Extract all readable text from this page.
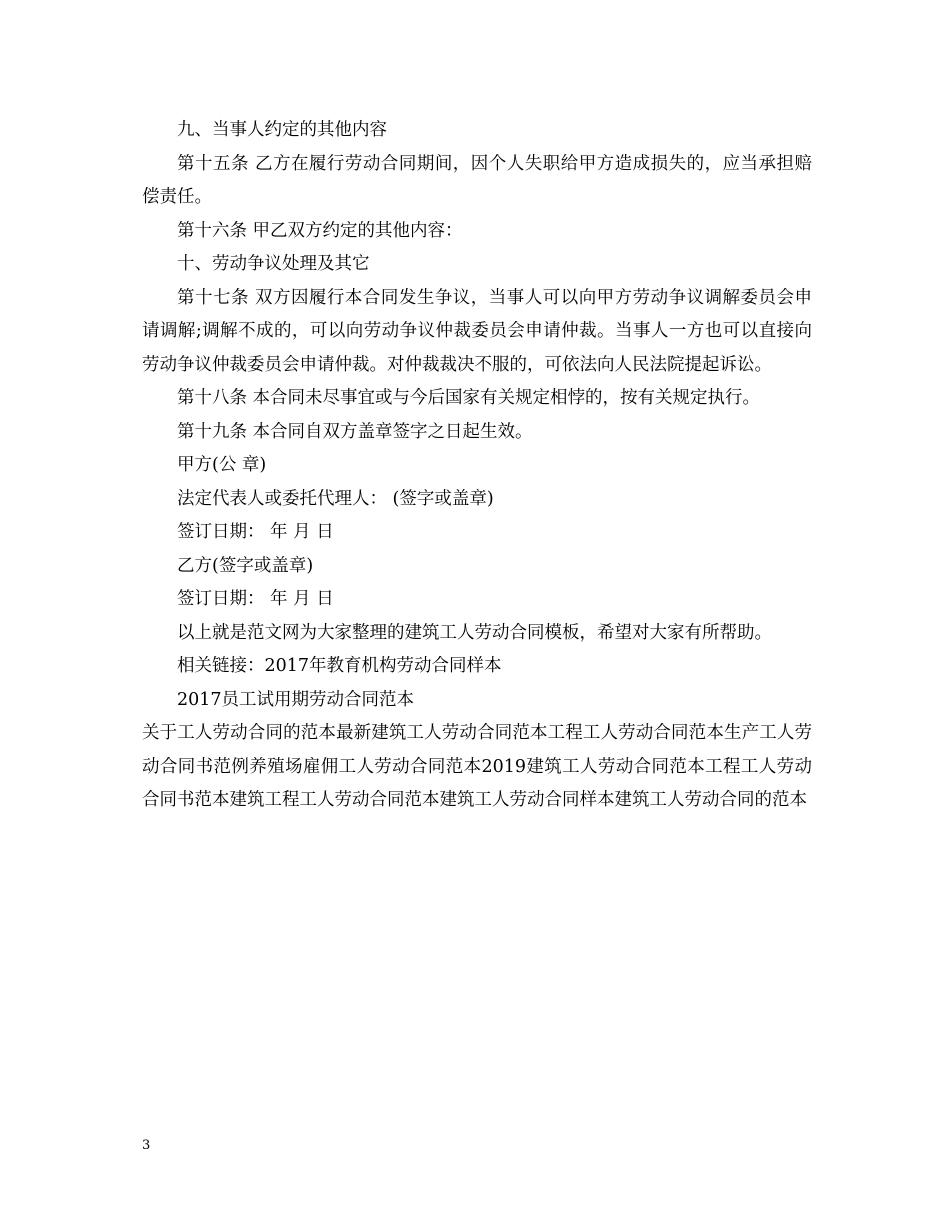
九、当事人约定的其他内容

第十五条 乙方在履行劳动合同期间，因个人失职给甲方造成损失的，应当承担赔偿责任。

第十六条 甲乙双方约定的其他内容：

十、劳动争议处理及其它

第十七条 双方因履行本合同发生争议，当事人可以向甲方劳动争议调解委员会申请调解;调解不成的，可以向劳动争议仲裁委员会申请仲裁。当事人一方也可以直接向劳动争议仲裁委员会申请仲裁。对仲裁裁决不服的，可依法向人民法院提起诉讼。

第十八条 本合同未尽事宜或与今后国家有关规定相悖的，按有关规定执行。

第十九条 本合同自双方盖章签字之日起生效。

甲方(公 章)

法定代表人或委托代理人： (签字或盖章)

签订日期： 年 月 日

乙方(签字或盖章)

签订日期： 年 月 日

以上就是范文网为大家整理的建筑工人劳动合同模板，希望对大家有所帮助。

相关链接：2017年教育机构劳动合同样本

2017员工试用期劳动合同范本

关于工人劳动合同的范本最新建筑工人劳动合同范本工程工人劳动合同范本生产工人劳动合同书范例养殖场雇佣工人劳动合同范本2019建筑工人劳动合同范本工程工人劳动合同书范本建筑工程工人劳动合同范本建筑工人劳动合同样本建筑工人劳动合同的范本

3
